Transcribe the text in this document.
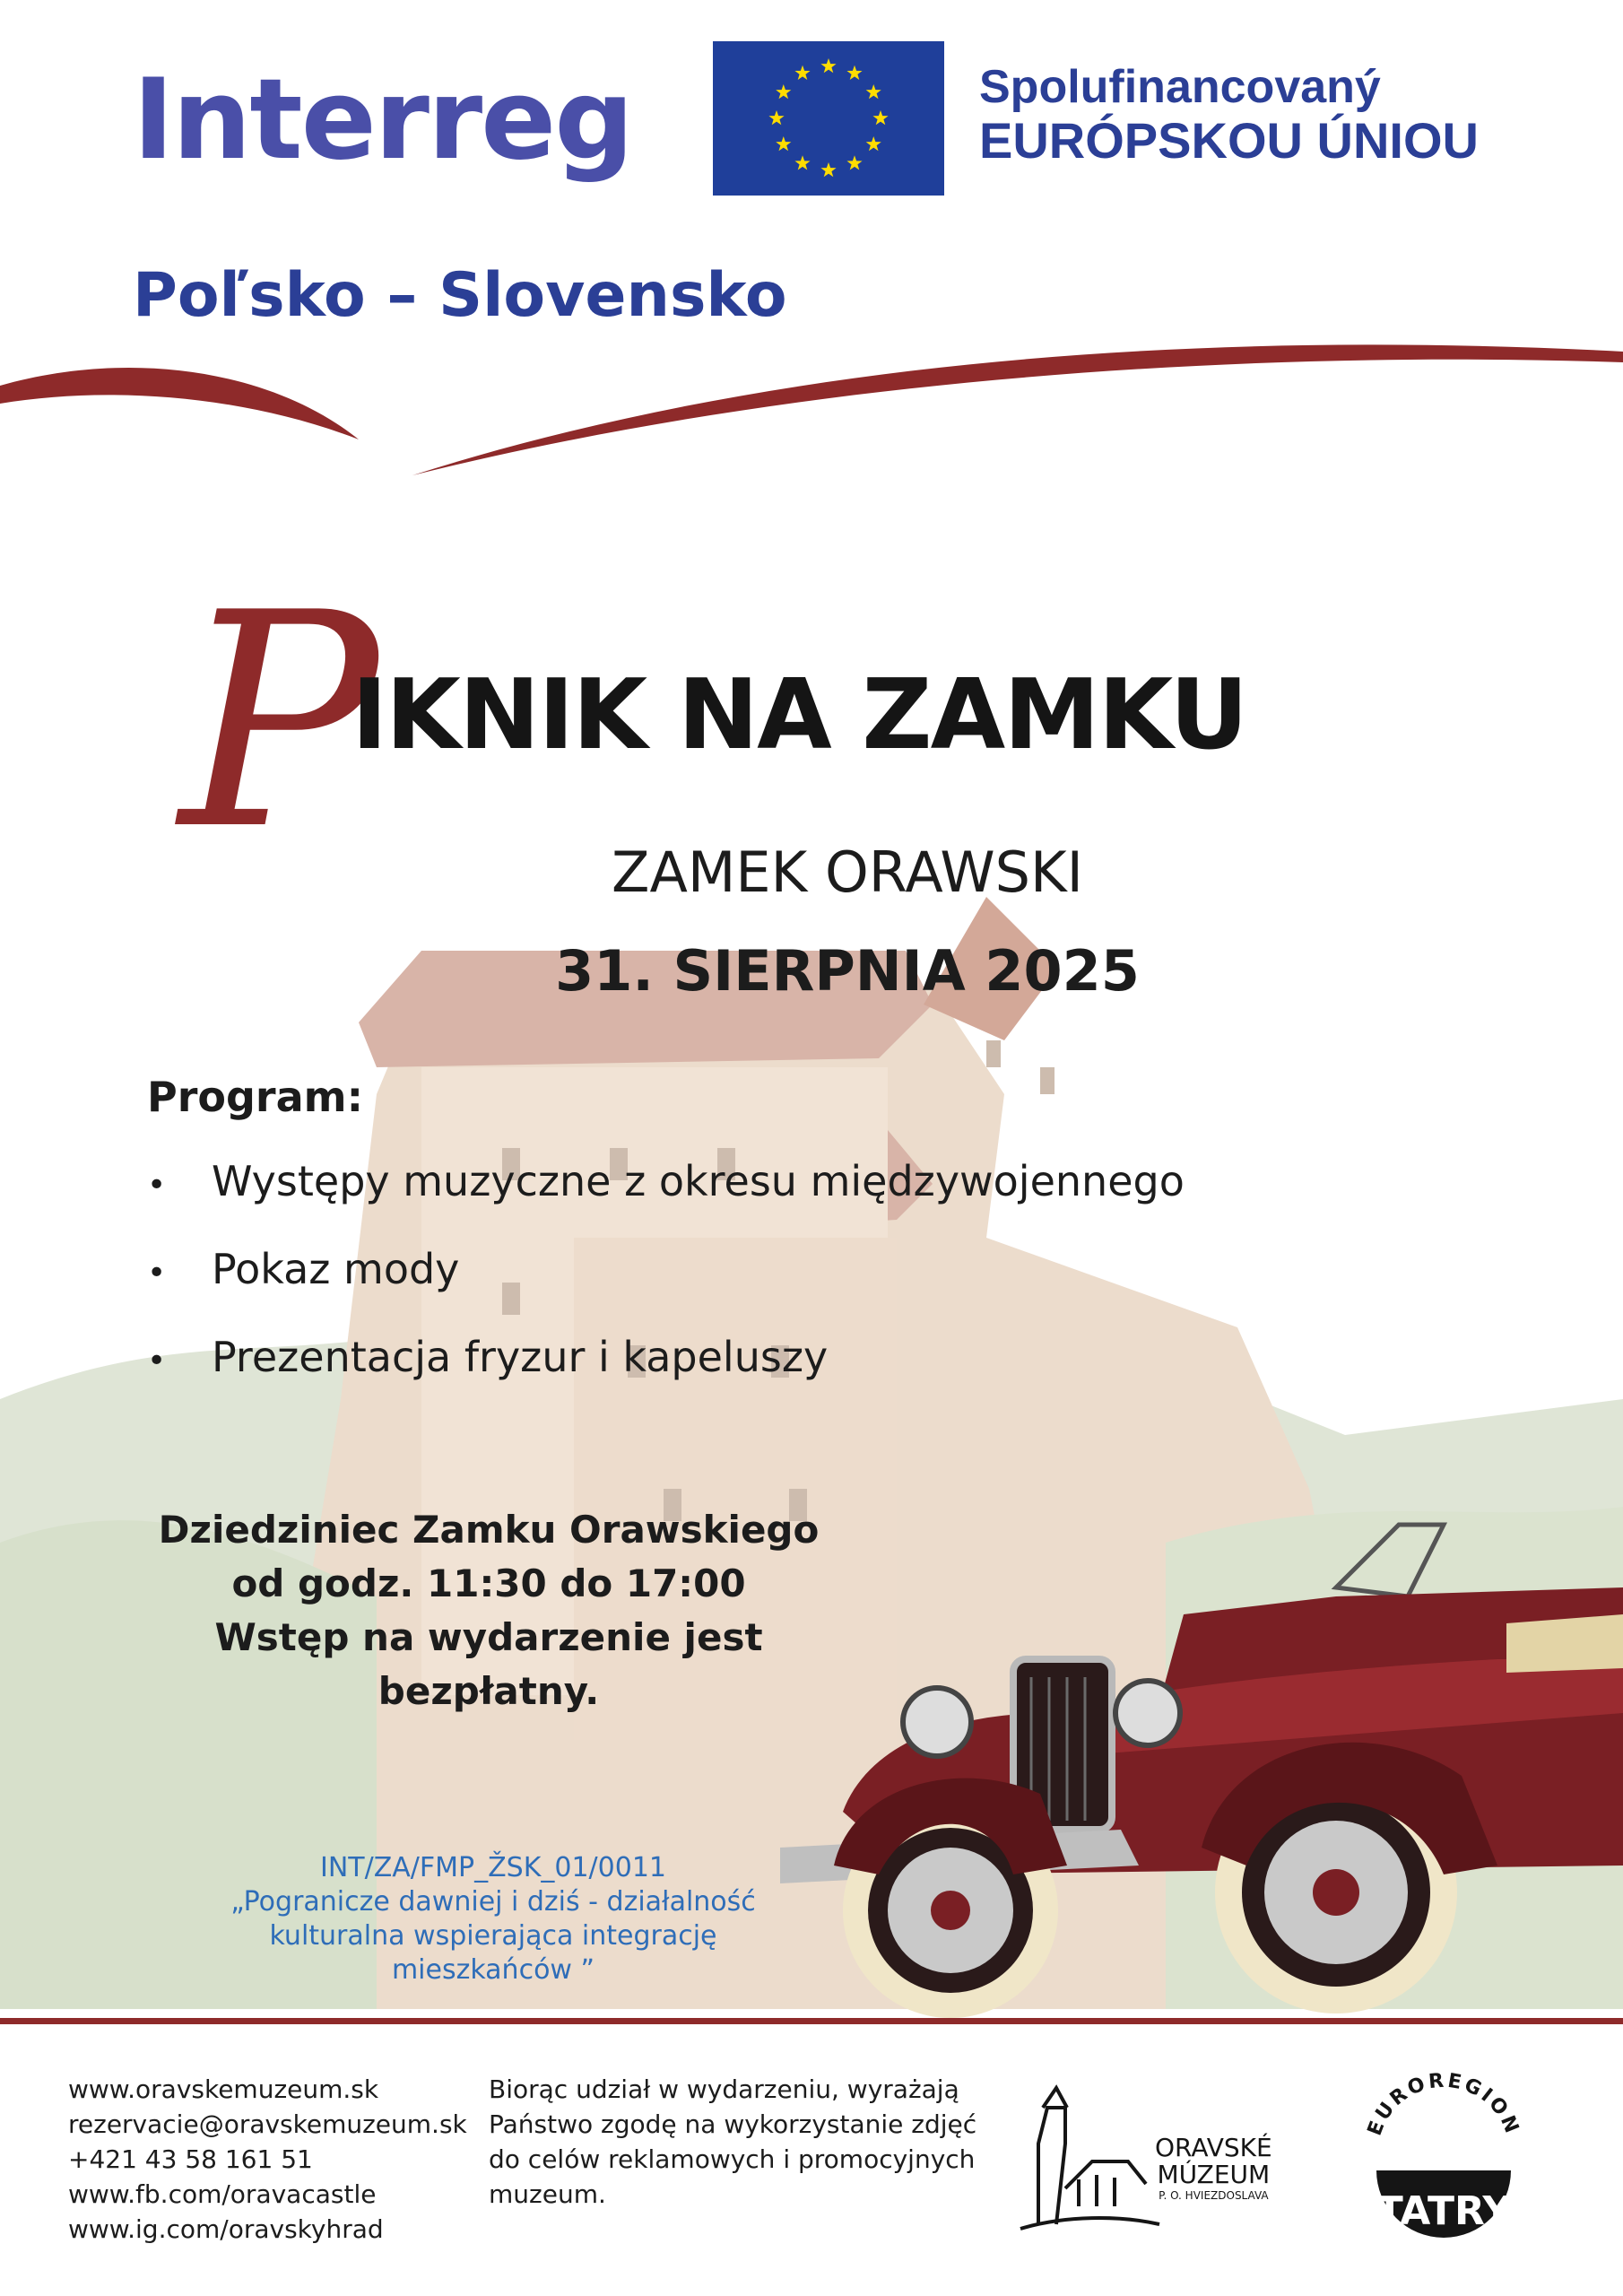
Interreg	Spolufinancovaný
EURÓPSKOU ÚNIOU
Poľsko – Slovensko
P
IKNIK NA ZAMKU
ZAMEK ORAWSKI
31. SIERPNIA 2025
Program:
• Występy muzyczne z okresu międzywojennego
• Pokaz mody
• Prezentacja fryzur i kapeluszy
Dziedziniec Zamku Orawskiego
od godz. 11:30 do 17:00
Wstęp na wydarzenie jest bezpłatny.
INT/ZA/FMP_ŽSK_01/0011
„Pogranicze dawniej i dziś - działalność
kulturalna wspierająca integrację
mieszkańców ”
www.oravskemuzeum.sk
rezervacie@oravskemuzeum.sk
+421 43 58 161 51
www.fb.com/oravacastle
www.ig.com/oravskyhrad
Biorąc udział w wydarzeniu, wyrażają
Państwo zgodę na wykorzystanie zdjęć
do celów reklamowych i promocyjnych
muzeum.
ORAVSKÉ
MÚZEUM
P. O. HVIEZDOSLAVA
EUROREGION
TATRY
